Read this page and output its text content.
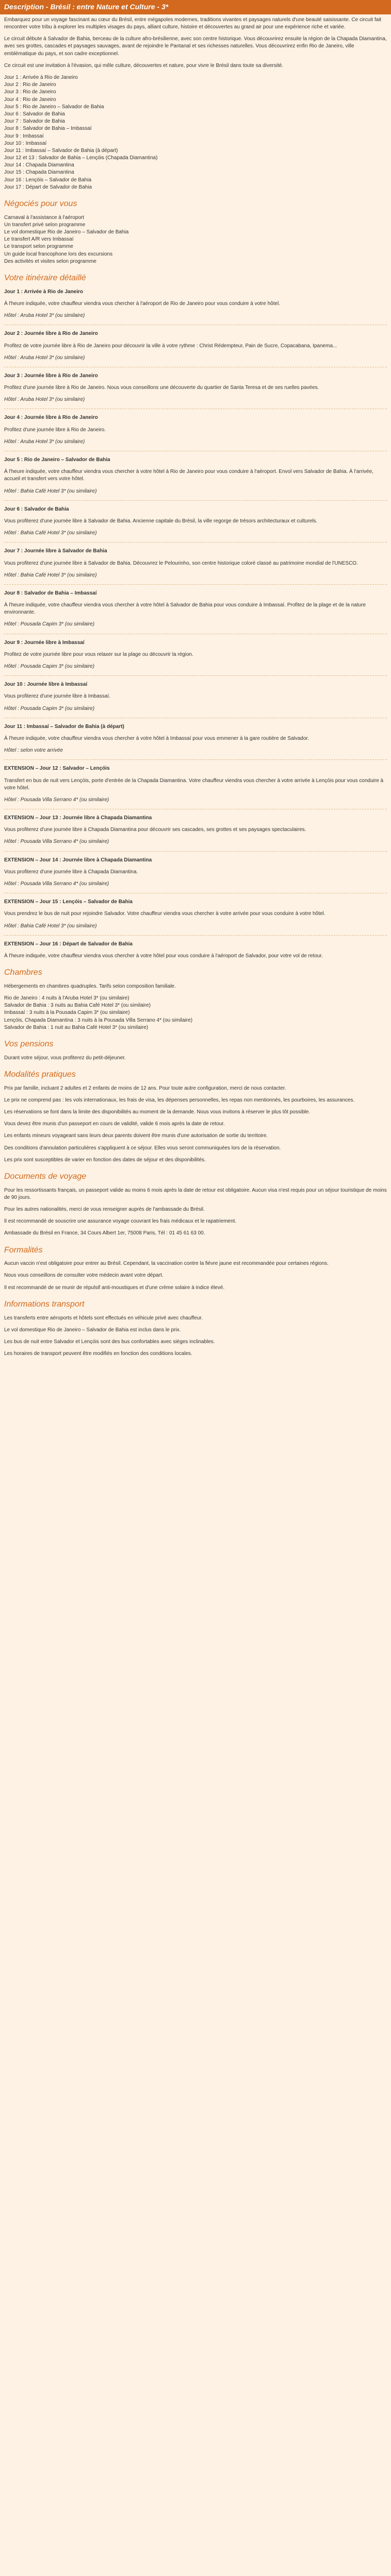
Description - Brésil : entre Nature et Culture - 3*

Embarquez pour un voyage fascinant au cœur du Brésil, entre mégapoles modernes, traditions vivantes et paysages naturels d'une beauté saisissante. Ce circuit fait rencontrer votre tribu à explorer les multiples visages du pays, alliant culture, histoire et découvertes au grand air pour une expérience riche et variée.

Le circuit débute à Salvador de Bahia, berceau de la culture afro-brésilienne, avec son centre historique. Vous découvrirez ensuite la région de la Chapada Diamantina, avec ses grottes, cascades et paysages sauvages, avant de rejoindre le Pantanal et ses richesses naturelles. Vous découvrirez enfin Rio de Janeiro, ville emblématique du pays, et son cadre exceptionnel.

Ce circuit est une invitation à l'évasion, qui mêle culture, découvertes et nature, pour vivre le Brésil dans toute sa diversité.

Jour 1 : Arrivée à Rio de Janeiro
Jour 2 : Rio de Janeiro
Jour 3 : Rio de Janeiro
Jour 4 : Rio de Janeiro
Jour 5 : Rio de Janeiro – Salvador de Bahia
Jour 6 : Salvador de Bahia
Jour 7 : Salvador de Bahia
Jour 8 : Salvador de Bahia – Imbassaí
Jour 9 : Imbassaí
Jour 10 : Imbassaí
Jour 11 : Imbassaí – Salvador de Bahia (à départ)
Jour 12 et 13 : Salvador de Bahia – Lençóis (Chapada Diamantina)
Jour 14 : Chapada Diamantina
Jour 15 : Chapada Diamantina
Jour 16 : Lençóis – Salvador de Bahia
Jour 17 : Départ de Salvador de Bahia
Négociés pour vous
Carnaval à l'assistance à l'aéroport
Un transfert privé selon programme
Le vol domestique Rio de Janeiro – Salvador de Bahia
Le transfert A/R vers Imbassaí
Le transport selon programme
Un guide local francophone lors des excursions
Des activités et visites selon programme
Votre itinéraire détaillé

Jour 1 : Arrivée à Rio de Janeiro

À l'heure indiquée, votre chauffeur viendra vous chercher à l'aéroport de Rio de Janeiro pour vous conduire à votre hôtel.

Hôtel : Aruba Hotel 3* (ou similaire)

Jour 2 : Journée libre à Rio de Janeiro

Profitez de votre journée libre à Rio de Janeiro pour découvrir la ville à votre rythme : Christ Rédempteur, Pain de Sucre, Copacabana, Ipanema...

Hôtel : Aruba Hotel 3* (ou similaire)

Jour 3 : Journée libre à Rio de Janeiro

Profitez d'une journée libre à Rio de Janeiro. Nous vous conseillons une découverte du quartier de Santa Teresa et de ses ruelles pavées.

Hôtel : Aruba Hotel 3* (ou similaire)

Jour 4 : Journée libre à Rio de Janeiro

Profitez d'une journée libre à Rio de Janeiro.

Hôtel : Aruba Hotel 3* (ou similaire)

Jour 5 : Rio de Janeiro – Salvador de Bahia

À l'heure indiquée, votre chauffeur viendra vous chercher à votre hôtel à Rio de Janeiro pour vous conduire à l'aéroport. Envol vers Salvador de Bahia. À l'arrivée, accueil et transfert vers votre hôtel.

Hôtel : Bahia Café Hotel 3* (ou similaire)

Jour 6 : Salvador de Bahia

Vous profiterez d'une journée libre à Salvador de Bahia. Ancienne capitale du Brésil, la ville regorge de trésors architecturaux et culturels.

Hôtel : Bahia Café Hotel 3* (ou similaire)

Jour 7 : Journée libre à Salvador de Bahia

Vous profiterez d'une journée libre à Salvador de Bahia. Découvrez le Pelourinho, son centre historique coloré classé au patrimoine mondial de l'UNESCO.

Hôtel : Bahia Café Hotel 3* (ou similaire)

Jour 8 : Salvador de Bahia – Imbassaí

À l'heure indiquée, votre chauffeur viendra vous chercher à votre hôtel à Salvador de Bahia pour vous conduire à Imbassaí. Profitez de la plage et de la nature environnante.

Hôtel : Pousada Capim 3* (ou similaire)

Jour 9 : Journée libre à Imbassaí

Profitez de votre journée libre pour vous relaxer sur la plage ou découvrir la région.

Hôtel : Pousada Capim 3* (ou similaire)

Jour 10 : Journée libre à Imbassaí

Vous profiterez d'une journée libre à Imbassaí.

Hôtel : Pousada Capim 3* (ou similaire)

Jour 11 : Imbassaí – Salvador de Bahia (à départ)

À l'heure indiquée, votre chauffeur viendra vous chercher à votre hôtel à Imbassaí pour vous emmener à la gare routière de Salvador.

Hôtel : selon votre arrivée

EXTENSION – Jour 12 : Salvador – Lençóis

Transfert en bus de nuit vers Lençóis, porte d'entrée de la Chapada Diamantina. Votre chauffeur viendra vous chercher à votre arrivée à Lençóis pour vous conduire à votre hôtel.

Hôtel : Pousada Villa Serrano 4* (ou similaire)

EXTENSION – Jour 13 : Journée libre à Chapada Diamantina

Vous profiterez d'une journée libre à Chapada Diamantina pour découvrir ses cascades, ses grottes et ses paysages spectaculaires.

Hôtel : Pousada Villa Serrano 4* (ou similaire)

EXTENSION – Jour 14 : Journée libre à Chapada Diamantina

Vous profiterez d'une journée libre à Chapada Diamantina.

Hôtel : Pousada Villa Serrano 4* (ou similaire)

EXTENSION – Jour 15 : Lençóis – Salvador de Bahia

Vous prendrez le bus de nuit pour rejoindre Salvador. Votre chauffeur viendra vous chercher à votre arrivée pour vous conduire à votre hôtel.

Hôtel : Bahia Café Hotel 3* (ou similaire)

EXTENSION – Jour 16 : Départ de Salvador de Bahia

À l'heure indiquée, votre chauffeur viendra vous chercher à votre hôtel pour vous conduire à l'aéroport de Salvador, pour votre vol de retour.

Chambres

Hébergements en chambres quadruples. Tarifs selon composition familiale.

Rio de Janeiro : 4 nuits à l'Aruba Hotel 3* (ou similaire)
Salvador de Bahia : 3 nuits au Bahia Café Hotel 3* (ou similaire)
Imbassaí : 3 nuits à la Pousada Capim 3* (ou similaire)
Lençóis, Chapada Diamantina : 3 nuits à la Pousada Villa Serrano 4* (ou similaire)
Salvador de Bahia : 1 nuit au Bahia Café Hotel 3* (ou similaire)
Vos pensions

Durant votre séjour, vous profiterez du petit-déjeuner.

Modalités pratiques

Prix par famille, incluant 2 adultes et 2 enfants de moins de 12 ans. Pour toute autre configuration, merci de nous contacter.

Le prix ne comprend pas : les vols internationaux, les frais de visa, les dépenses personnelles, les repas non mentionnés, les pourboires, les assurances.

Les réservations se font dans la limite des disponibilités au moment de la demande. Nous vous invitons à réserver le plus tôt possible.

Vous devez être munis d'un passeport en cours de validité, valide 6 mois après la date de retour.

Les enfants mineurs voyageant sans leurs deux parents doivent être munis d'une autorisation de sortie du territoire.

Des conditions d'annulation particulières s'appliquent à ce séjour. Elles vous seront communiquées lors de la réservation.

Les prix sont susceptibles de varier en fonction des dates de séjour et des disponibilités.

Documents de voyage

Pour les ressortissants français, un passeport valide au moins 6 mois après la date de retour est obligatoire. Aucun visa n'est requis pour un séjour touristique de moins de 90 jours.

Pour les autres nationalités, merci de vous renseigner auprès de l'ambassade du Brésil.

Il est recommandé de souscrire une assurance voyage couvrant les frais médicaux et le rapatriement.

Ambassade du Brésil en France, 34 Cours Albert 1er, 75008 Paris, Tél : 01 45 61 63 00.

Formalités

Aucun vaccin n'est obligatoire pour entrer au Brésil. Cependant, la vaccination contre la fièvre jaune est recommandée pour certaines régions.

Nous vous conseillons de consulter votre médecin avant votre départ.

Il est recommandé de se munir de répulsif anti-moustiques et d'une crème solaire à indice élevé.

Informations transport

Les transferts entre aéroports et hôtels sont effectués en véhicule privé avec chauffeur.

Le vol domestique Rio de Janeiro – Salvador de Bahia est inclus dans le prix.

Les bus de nuit entre Salvador et Lençóis sont des bus confortables avec sièges inclinables.

Les horaires de transport peuvent être modifiés en fonction des conditions locales.
